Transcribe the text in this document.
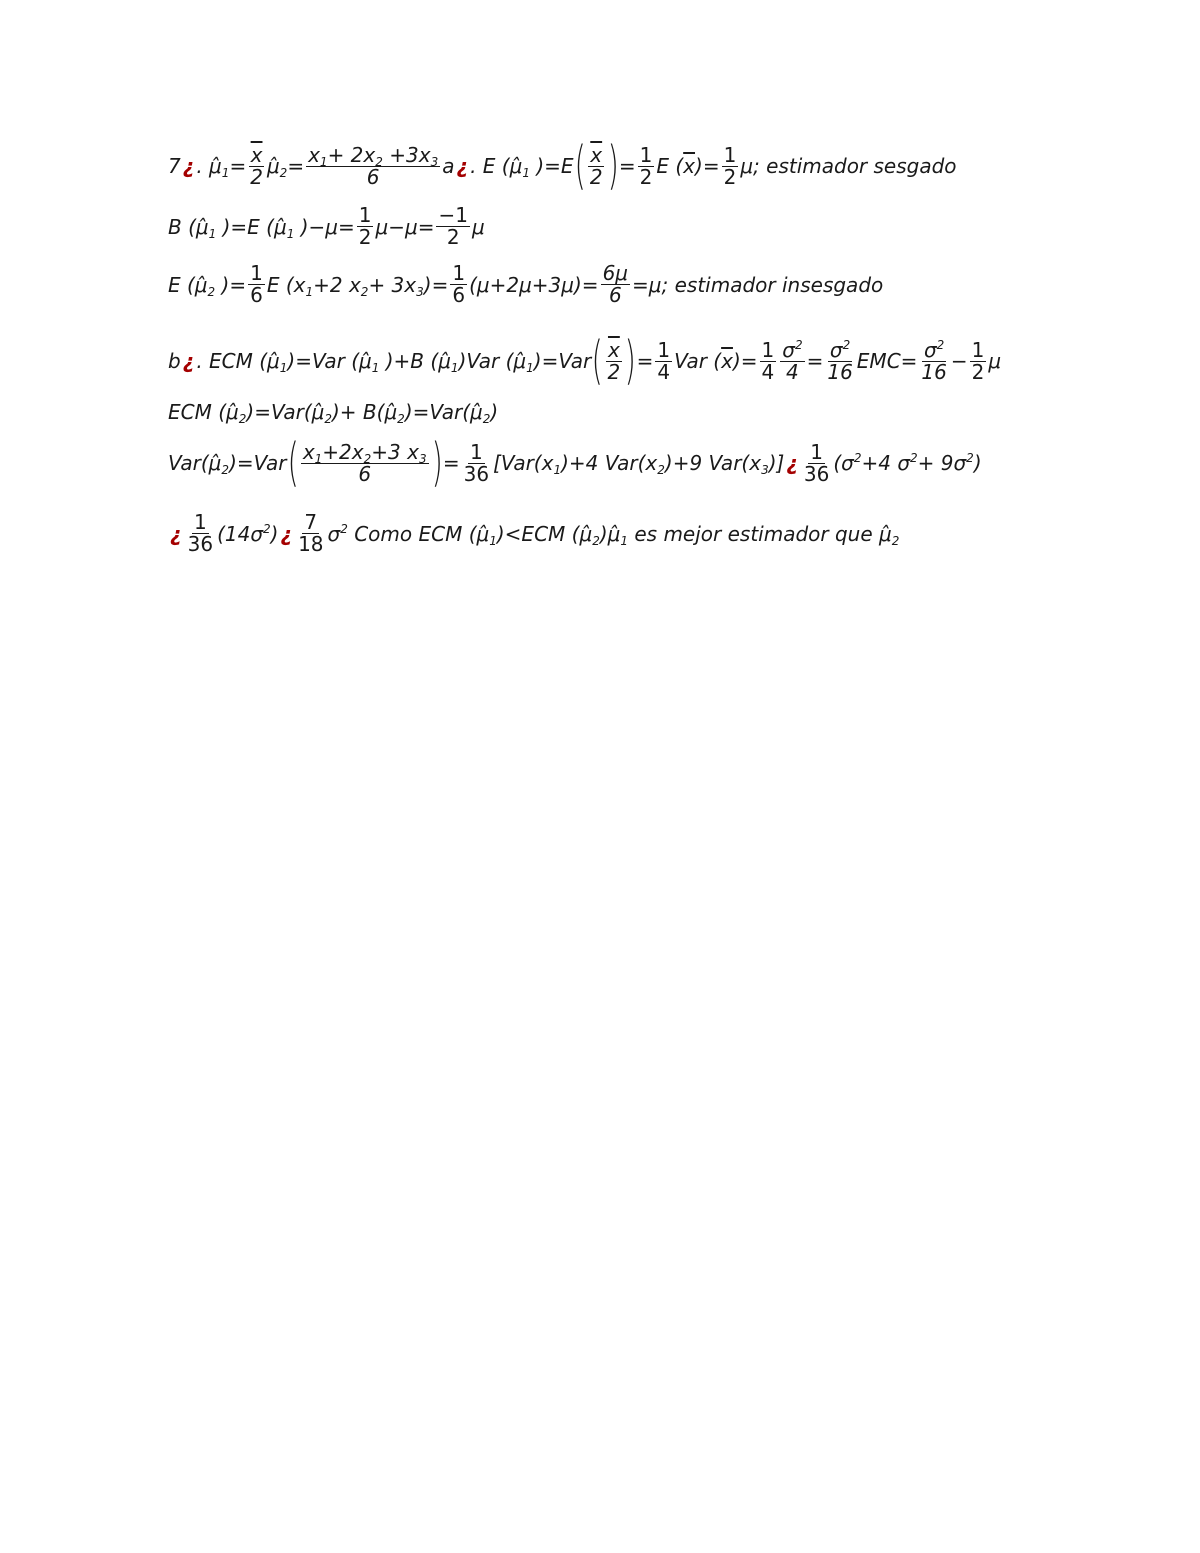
7 ¿ . $\mû_1= \frac{\overline{x}}{2}$ $\mû_2= \frac{x_1+ 2x_2 +3x_3}{6}$ a ¿ . E ($\mû_1$ )=E ( $\frac{\overline{x}}{2}$ ) = $\frac{1}{2}$ E $(\overline{x})= \frac{1}{2}$ μ ; estimador sesgado
B ($\mû_1$ )=E ($\mû_1$ )$-\mu= \frac{1}{2} \mu-\mu= \frac{-1}{2}$ μ
E ($\mû_2$ )= $\frac{1}{6}$ E ($x_1+2$ $x_2+ 3x_3)= \frac{1}{6} (\mu+2\mu+3\mu)= \frac{6\mu}{6} =\mu$ ; estimador insesgado
b ¿ . ECM $(\mû_1)=Var$ ($\mû_1$ )+B $(\mû_1)Var$ $(\mû_1)=Var$ ( $\frac{\overline{x}}{2}$ ) = $\frac{1}{4}$ Var $(\overline{x})= \frac{1}{4} \frac{\sigma^2}{4} = \frac{\sigma^2}{16}$ EMC = $\frac{\sigma^2}{16} - \frac{1}{2}$ μ
ECM $(\mû_2)=Var(\mû_2)+$ $B(\mû_2)=Var(\mû_2)$
$Var(\mû_2)=Var$ ( $\frac{x_1+2x_2+3 x_3}{6}$ ) = $\frac{1}{36} [Var(x_1)+4$ $Var(x_2)+9$ $Var(x_3)$] ¿ $\frac{1}{36} (\sigma^2+4$ $\sigma^2+ 9\sigma^2$)
¿ $\frac{1}{36} (14\sigma^2)$ ¿ $\frac{7}{18} \sigma^2$ Como ECM $(\mû_1)<ECM$ $(\mû_2)\mû_1$ es mejor estimador que $\mû_2$
